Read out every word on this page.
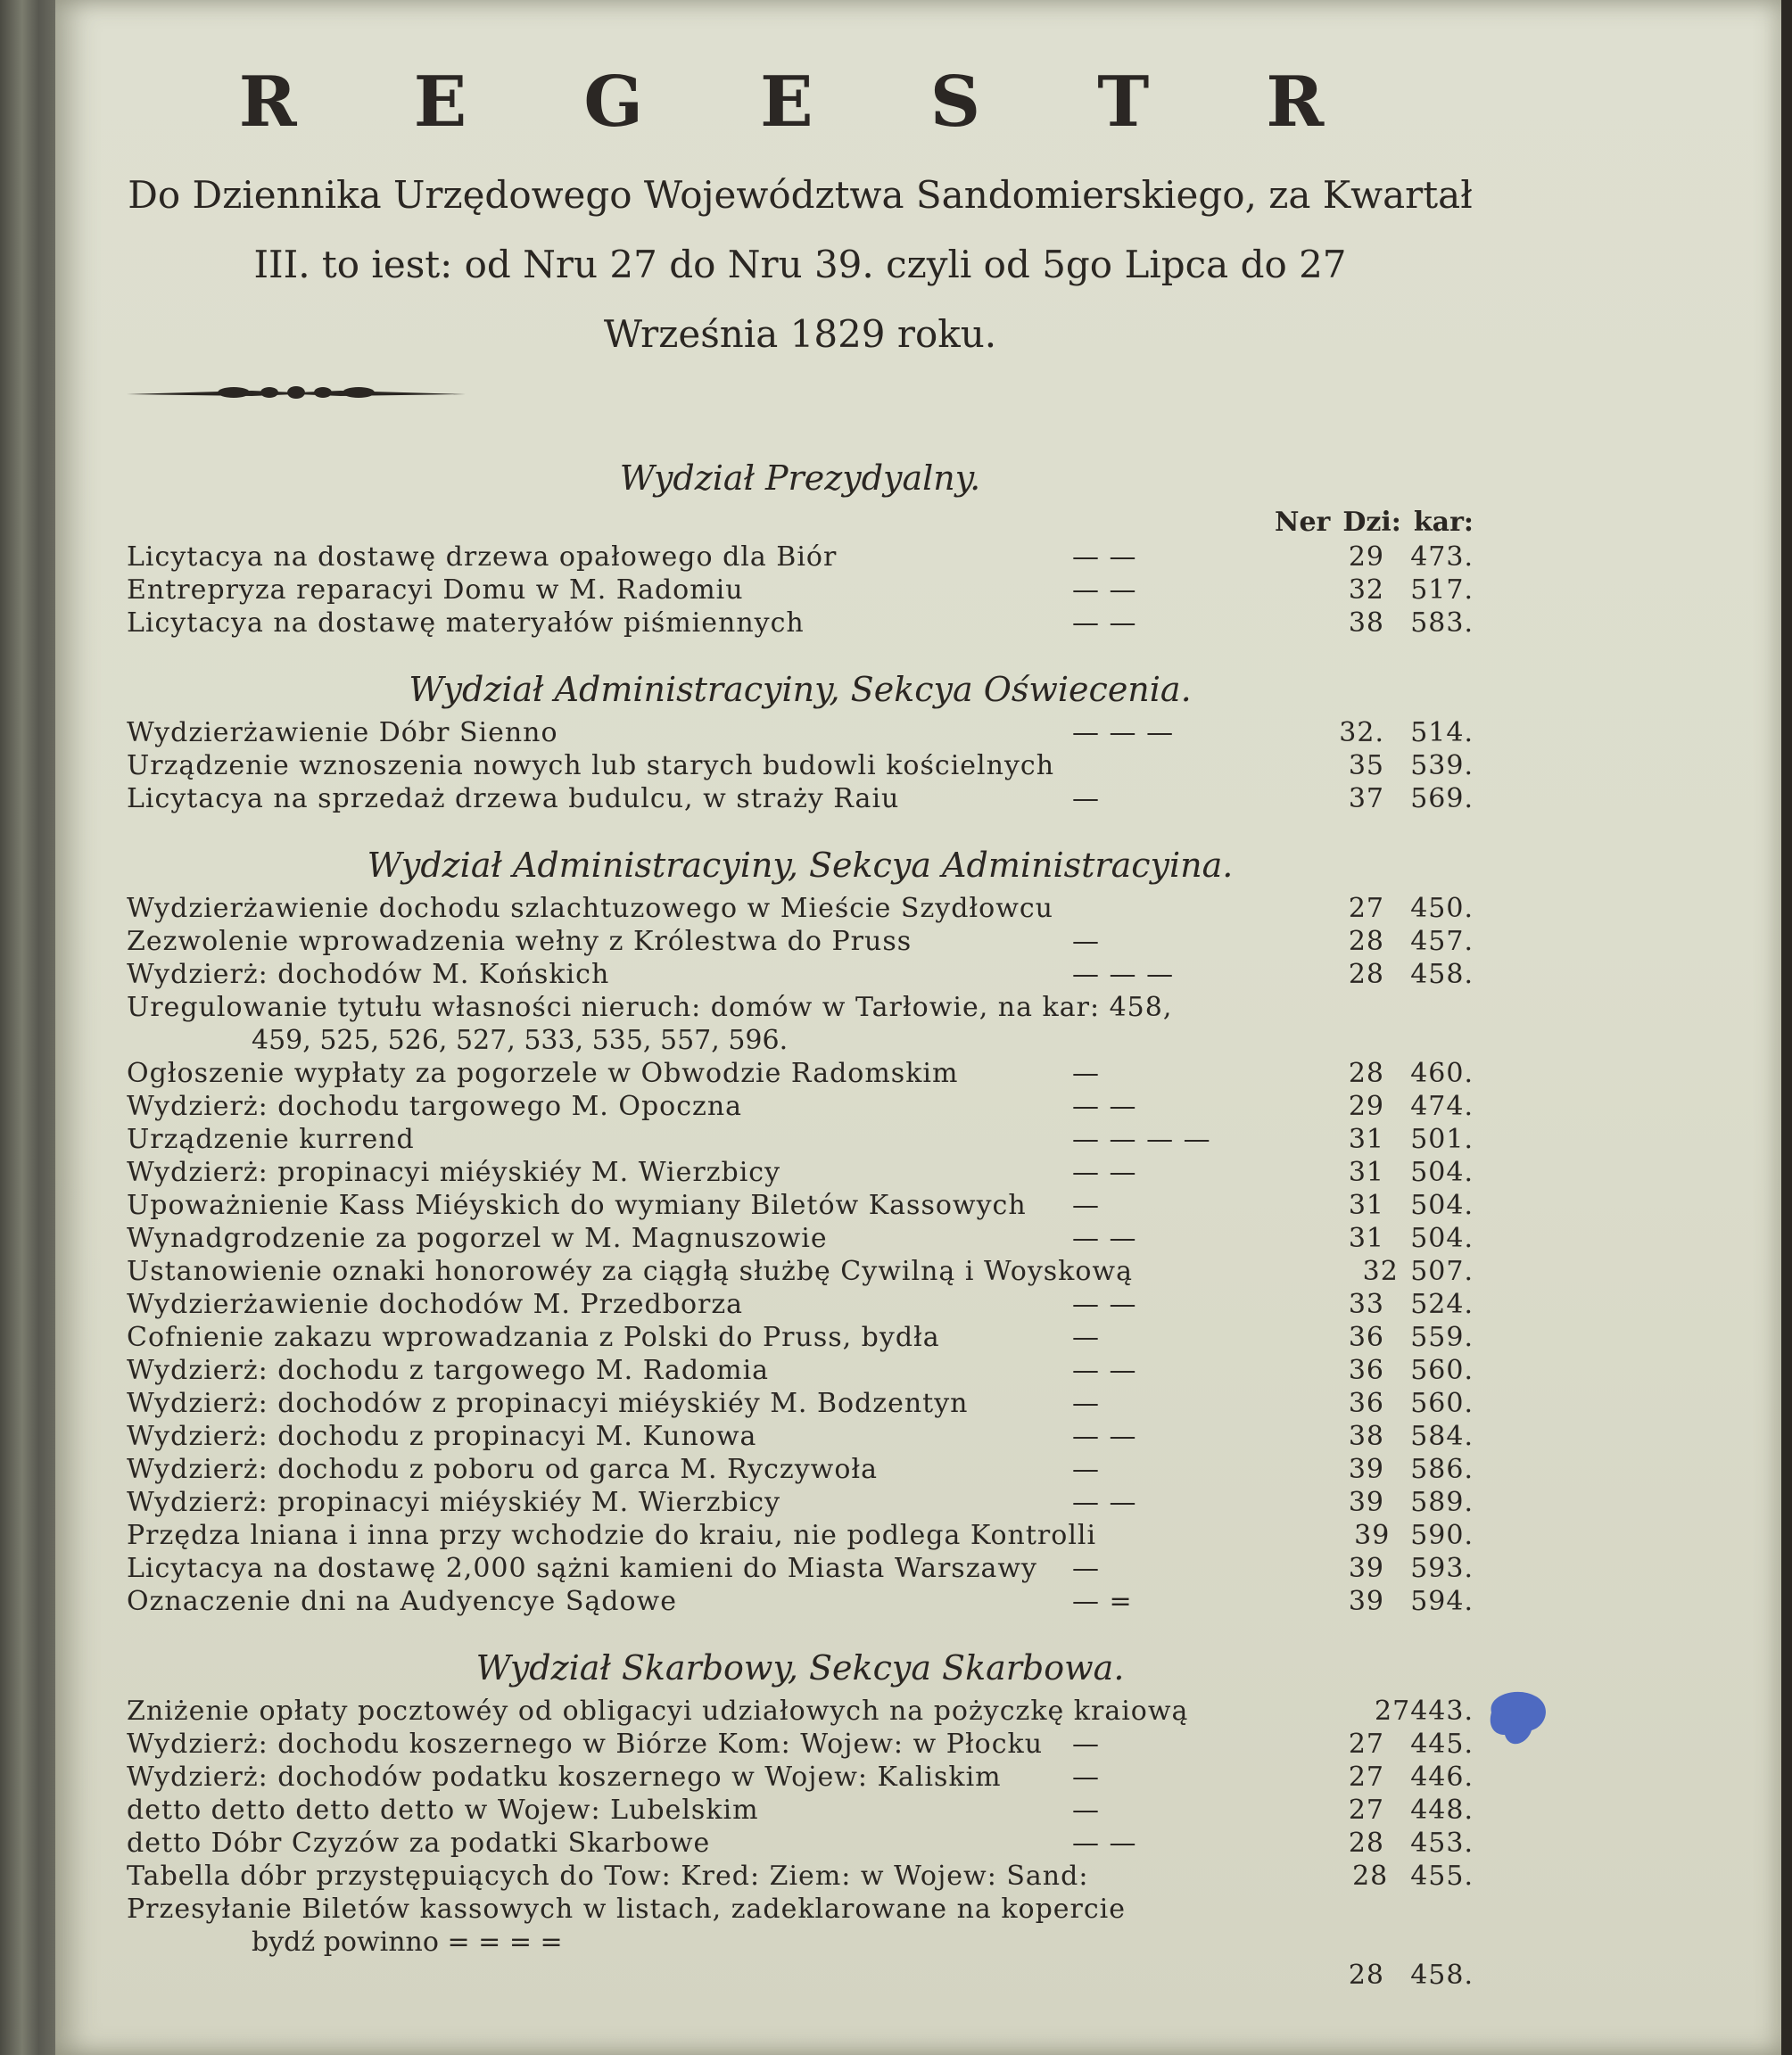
R E G E S T R
Do Dziennika Urzędowego Województwa Sandomierskiego, za Kwartał
III. to iest: od Nru 27 do Nru 39. czyli od 5go Lipca do 27
Września 1829 roku.
Wydział Prezydyalny.
Ner Dzi: kar:
Licytacya na dostawę drzewa opałowego dla Biór	— —	29 473.
Entrepryza reparacyi Domu w M. Radomiu	— —	32 517.
Licytacya na dostawę materyałów piśmiennych	— —	38 583.
Wydział Administracyiny, Sekcya Oświecenia.
Wydzierżawienie Dóbr Sienno	— — —	32. 514.
Urządzenie wznoszenia nowych lub starych budowli kościelnych	35 539.
Licytacya na sprzedaż drzewa budulcu, w straży Raiu	—	37 569.
Wydział Administracyiny, Sekcya Administracyina.
Wydzierżawienie dochodu szlachtuzowego w Mieście Szydłowcu	27 450.
Zezwolenie wprowadzenia wełny z Królestwa do Pruss	—	28 457.
Wydzierż: dochodów M. Końskich	— — —	28 458.
Uregulowanie tytułu własności nieruch: domów w Tarłowie, na kar: 458,
459, 525, 526, 527, 533, 535, 557, 596.
Ogłoszenie wypłaty za pogorzele w Obwodzie Radomskim	—	28 460.
Wydzierż: dochodu targowego M. Opoczna	— —	29 474.
Urządzenie kurrend	— — — —	31 501.
Wydzierż: propinacyi miéyskiéy M. Wierzbicy	— —	31 504.
Upoważnienie Kass Miéyskich do wymiany Biletów Kassowych	—	31 504.
Wynadgrodzenie za pogorzel w M. Magnuszowie	— —	31 504.
Ustanowienie oznaki honorowéy za ciągłą służbę Cywilną i Woyskową	32 507.
Wydzierżawienie dochodów M. Przedborza	— —	33 524.
Cofnienie zakazu wprowadzania z Polski do Pruss, bydła	—	36 559.
Wydzierż: dochodu z targowego M. Radomia	— —	36 560.
Wydzierż: dochodów z propinacyi miéyskiéy M. Bodzentyn	—	36 560.
Wydzierż: dochodu z propinacyi M. Kunowa	— —	38 584.
Wydzierż: dochodu z poboru od garca M. Ryczywoła	—	39 586.
Wydzierż: propinacyi miéyskiéy M. Wierzbicy	— —	39 589.
Przędza lniana i inna przy wchodzie do kraiu, nie podlega Kontrolli	39 590.
Licytacya na dostawę 2,000 sążni kamieni do Miasta Warszawy	—	39 593.
Oznaczenie dni na Audyencye Sądowe	— =	39 594.
Wydział Skarbowy, Sekcya Skarbowa.
Zniżenie opłaty pocztowéy od obligacyi udziałowych na pożyczkę kraiową	27 443.
Wydzierż: dochodu koszernego w Biórze Kom: Wojew: w Płocku	—	27 445.
Wydzierż: dochodów podatku koszernego w Wojew: Kaliskim	—	27 446.
detto detto detto detto w Wojew: Lubelskim	—	27 448.
detto Dóbr Czyzów za podatki Skarbowe	— —	28 453.
Tabella dóbr przystępuiących do Tow: Kred: Ziem: w Wojew: Sand:	28 455.
Przesyłanie Biletów kassowych w listach, zadeklarowane na kopercie
bydź powinno = = = =
28 458.
